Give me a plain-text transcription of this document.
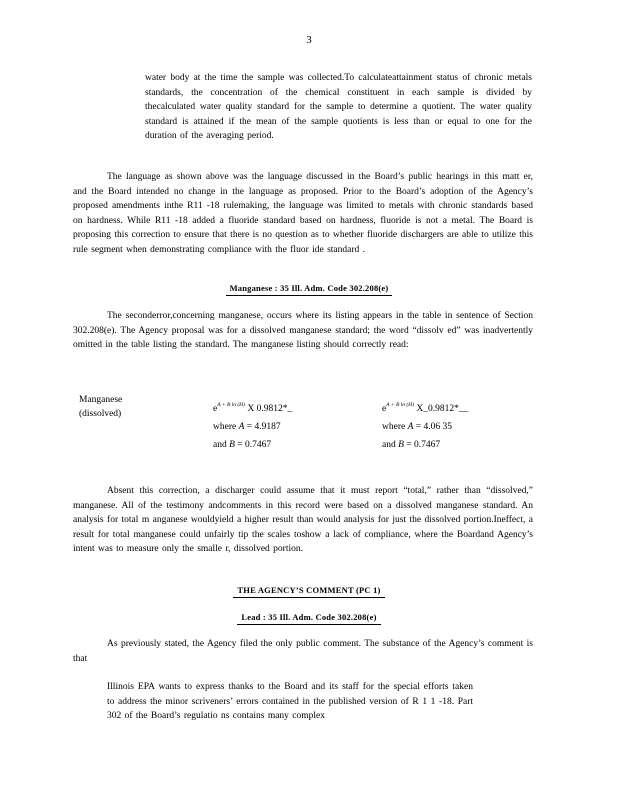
3
water body at the time the sample was collected.To calculateattainment status of chronic metals standards, the concentration of the chemical constituent in each sample is divided by thecalculated water quality standard for the sample to determine a quotient. The water quality standard is attained if the mean of the sample quotients is less than or equal to one for the duration of the averaging period.
The language as shown above was the language discussed in the Board’s public hearings in this matt er, and the Board intended no change in the language as proposed. Prior to the Board’s adoption of the Agency’s proposed amendments inthe R11 -18 rulemaking, the language was limited to metals with chronic standards based on hardness. While R11 -18 added a fluoride standard based on hardness, fluoride is not a metal. The Board is proposing this correction to ensure that there is no question as to whether fluoride dischargers are able to utilize this rule segment when demonstrating compliance with the fluor ide standard .
Manganese : 35 Ill. Adm. Code 302.208(e)
The seconderror,concerning manganese, occurs where its listing appears in the table in sentence of Section 302.208(e). The Agency proposal was for a dissolved manganese standard; the word “dissolv ed” was inadvertently omitted in the table listing the standard. The manganese listing should correctly read:
Manganese
(dissolved)	$e^{A + B ln (H)}$ X 0.9812*_
where A = 4.9187
and B = 0.7467
$e^{A + B ln (H)}$ X_0.9812*__
where A = 4.06 35
and B = 0.7467
Absent this correction, a discharger could assume that it must report “total,” rather than “dissolved,” manganese. All of the testimony andcomments in this record were based on a dissolved manganese standard. An analysis for total m anganese wouldyield a higher result than would analysis for just the dissolved portion.Ineffect, a result for total manganese could unfairly tip the scales toshow a lack of compliance, where the Boardand Agency’s intent was to measure only the smalle r, dissolved portion.
THE AGENCY’S COMMENT (PC 1)
Lead : 35 Ill. Adm. Code 302.208(e)
As previously stated, the Agency filed the only public comment. The substance of the Agency’s comment is that
Illinois EPA wants to express thanks to the Board and its staff for the special efforts taken to address the minor scriveners’ errors contained in the published version of R 1 1 -18. Part 302 of the Board’s regulatio ns contains many complex
